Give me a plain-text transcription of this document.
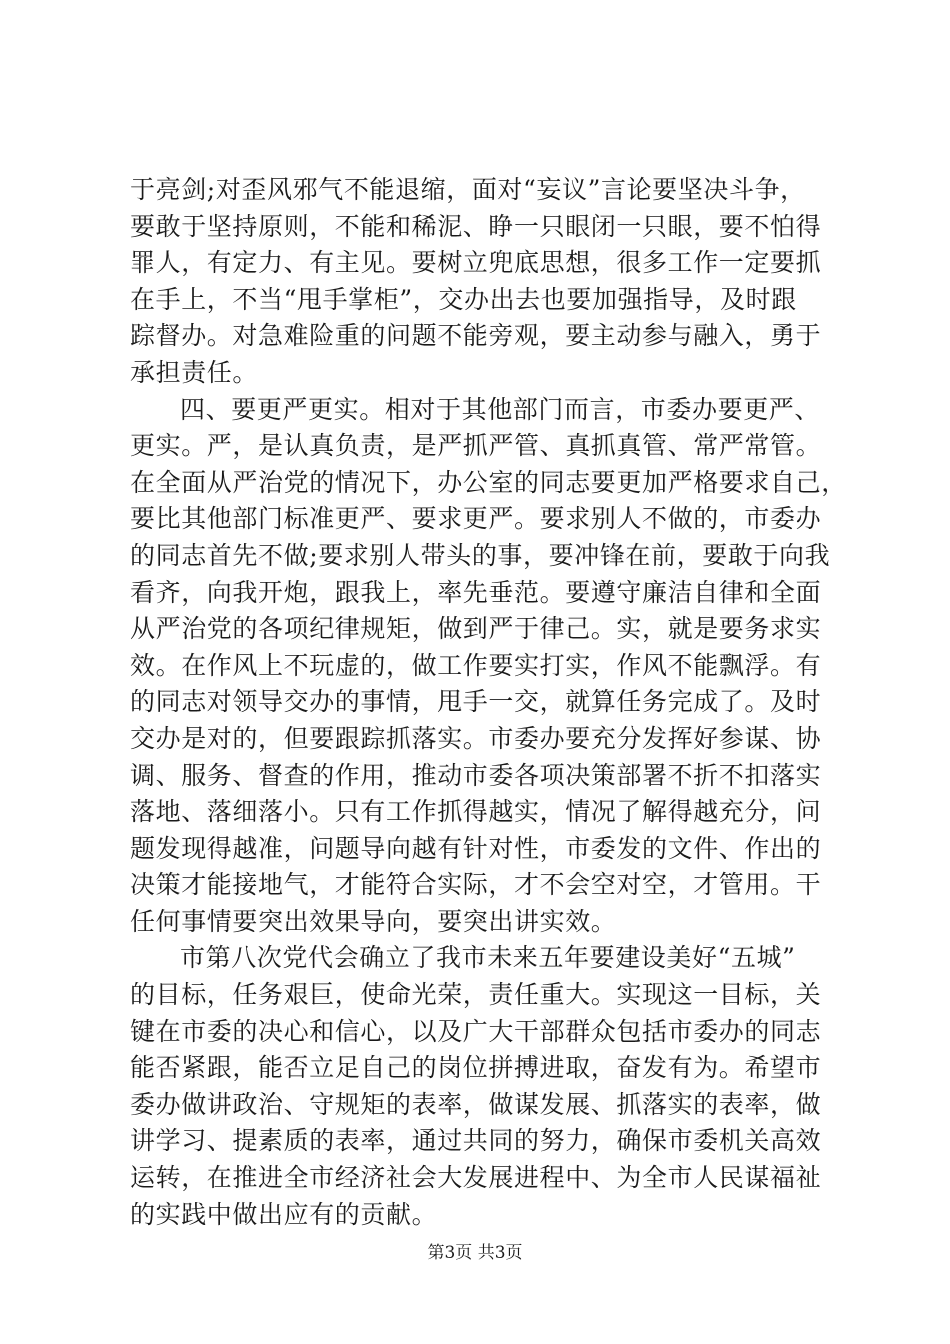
于亮剑;对歪风邪气不能退缩，面对“妄议”言论要坚决斗争，
要敢于坚持原则，不能和稀泥、睁一只眼闭一只眼，要不怕得
罪人，有定力、有主见。要树立兜底思想，很多工作一定要抓
在手上，不当“甩手掌柜”，交办出去也要加强指导，及时跟
踪督办。对急难险重的问题不能旁观，要主动参与融入，勇于
承担责任。
四、要更严更实。相对于其他部门而言，市委办要更严、
更实。严，是认真负责，是严抓严管、真抓真管、常严常管。
在全面从严治党的情况下，办公室的同志要更加严格要求自己，
要比其他部门标准更严、要求更严。要求别人不做的，市委办
的同志首先不做;要求别人带头的事，要冲锋在前，要敢于向我
看齐，向我开炮，跟我上，率先垂范。要遵守廉洁自律和全面
从严治党的各项纪律规矩，做到严于律己。实，就是要务求实
效。在作风上不玩虚的，做工作要实打实，作风不能飘浮。有
的同志对领导交办的事情，甩手一交，就算任务完成了。及时
交办是对的，但要跟踪抓落实。市委办要充分发挥好参谋、协
调、服务、督查的作用，推动市委各项决策部署不折不扣落实
落地、落细落小。只有工作抓得越实，情况了解得越充分，问
题发现得越准，问题导向越有针对性，市委发的文件、作出的
决策才能接地气，才能符合实际，才不会空对空，才管用。干
任何事情要突出效果导向，要突出讲实效。
市第八次党代会确立了我市未来五年要建设美好“五城”
的目标，任务艰巨，使命光荣，责任重大。实现这一目标，关
键在市委的决心和信心，以及广大干部群众包括市委办的同志
能否紧跟，能否立足自己的岗位拼搏进取，奋发有为。希望市
委办做讲政治、守规矩的表率，做谋发展、抓落实的表率，做
讲学习、提素质的表率，通过共同的努力，确保市委机关高效
运转，在推进全市经济社会大发展进程中、为全市人民谋福祉
的实践中做出应有的贡献。
第3页 共3页
